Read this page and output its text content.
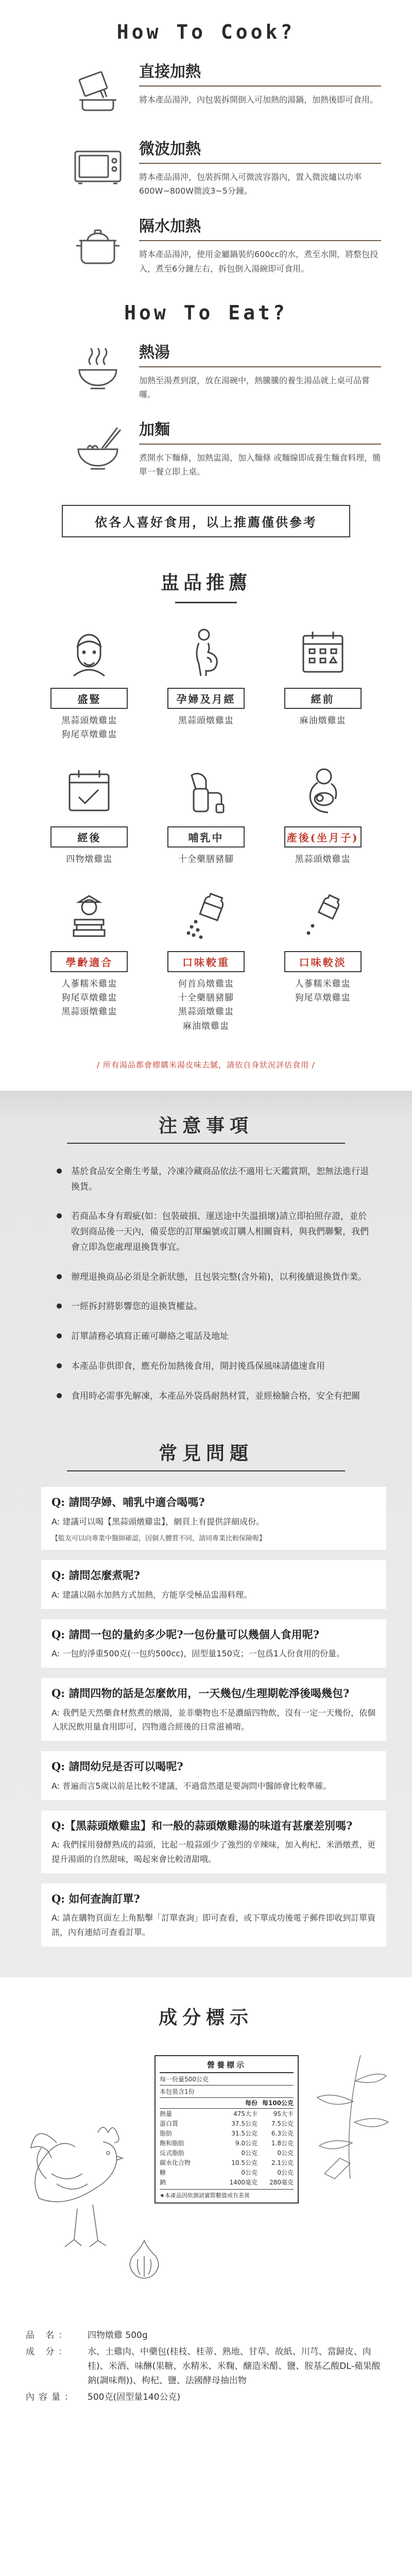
How To Cook?
直接加熱
將本產品湯沖，內包裝拆開倒入可加熱的湯鍋，加熱後即可食用。
微波加熱
將本產品湯沖，包裝拆開入可微波容器內，置入微波爐以功率600W~800W微波3~5分鐘。
隔水加熱
將本產品湯沖，使用金屬鍋裝約600cc的水，煮至水開，將整包投入，煮至6分鐘左右，拆包倒入湯碗即可食用。
How To Eat?
熱湯
加熱至湯煮到滾，放在湯碗中，熱騰騰的養生湯品就上桌可品嘗囉。
加麵
煮開水下麵條，加熱盅湯，加入麵條 或麵線即成養生麵食料理，簡單一餐立即上桌。
依各人喜好食用，以上推薦僅供參考
盅品推薦
盛豎
黑蒜頭燉雞盅
狗尾草燉雞盅
孕婦及月經
黑蒜頭燉雞盅
經前
麻油燉雞盅
經後
四物燉雞盅
哺乳中
十全藥膳豬腳
產後(坐月子)
黑蒜頭燉雞盅
學齡適合
人蔘糯米雞盅
狗尾草燉雞盅
黑蒜頭燉雞盅
口味較重
何首烏燉雞盅
十全藥膳豬腳
黑蒜頭燉雞盅
麻油燉雞盅
口味較淡
人蔘糯米雞盅
狗尾草燉雞盅
/ 所有湯品都會標購米湯皮味去膩，請依自身狀況評估食用 /
注意事項
基於食品安全衛生考量，冷凍冷藏商品依法不適用七天鑑賞期，恕無法進行退換貨。
若商品本身有瑕疵(如：包裝破損、運送途中失溫損壞)請立即拍照存證，並於收到商品後一天內，備妥您的訂單編號或訂購人相關資料，與我們聯繫，我們會立即為您處理退換貨事宜。
辦理退換商品必須是全新狀態，且包裝完整(含外箱)，以利後續退換貨作業。
一經拆封將影響您的退換貨權益。
訂單請務必填寫正確可聯絡之電話及地址
本產品非供即食，應充份加熱後食用，開封後爲保風味請儘速食用
食用時必需事先解凍，本產品外袋爲耐熱材質，並經檢驗合格，安全有把關
常見問題
Q: 請問孕婦、哺乳中適合喝嗎?
A: 建議可以喝【黑蒜頭燉雞盅】，網頁上有提供詳細成份。
【監友可以向專業中醫師確認，因個人體質不同，請同專業比較保險喔】
Q: 請問怎麼煮呢?
A: 建議以隔水加熱方式加熱，方能享受極品盅湯料理。
Q: 請問一包的量約多少呢?一包份量可以幾個人食用呢?
A: 一包約淨重500克(一包約500cc)，固型量150克；一包爲1人份食用的份量。
Q: 請問四物的話是怎麼飲用，一天幾包/生理期乾淨後喝幾包?
A: 我們是天然藥食材熬煮的燉湯，並非藥物也不是濃縮四物飲，沒有一定一天幾份，依個人狀況飲用量食用即可，四物適合經後的日常滋補唷。
Q: 請問幼兒是否可以喝呢?
A: 普遍而言5歲以前是比較不建議，不過當然還是要詢問中醫師會比較準確。
Q:【黑蒜頭燉雞盅】和一般的蒜頭燉雞湯的味道有甚麼差別嗎?
A: 我們採用發酵熟成的蒜頭，比起一般蒜頭少了強烈的辛辣味，加入枸杞、米酒燉煮，更提升湯頭的自然甜味，喝起來會比較清甜哦。
Q: 如何查詢訂單?
A: 請在購物頁面左上角點擊「訂單查詢」即可查看，或下單成功後電子郵件即收到訂單資訊，內有連結可查看訂單。
成分標示
營養標示
每一份量500公克
本包裝含1份
每份 每100公克
熱量	475大卡	95大卡
蛋白質	37.5公克	7.5公克
脂肪	31.5公克	6.3公克
飽和脂肪	9.0公克	1.8公克
反式脂肪	0公克	0公克
碳水化合物	10.5公克	2.1公克
糖	0公克	0公克
鈉	1400毫克	280毫克
★本產品因依測試實際數值或有差異
品 名：	四物燉雞 500g
成 分：	水、土雞肉、中藥包(桂枝、桂蒂、熟地、甘草、故紙、川芎、當歸皮、肉桂)、米酒、味醂(果糖、水精米、米麴、醸造米醋、鹽、胺基乙酸DL-蘋果酸鈉(調味劑))、枸杞、鹽、法國酵母抽出物
內容量：	500克(固型量140公克)
